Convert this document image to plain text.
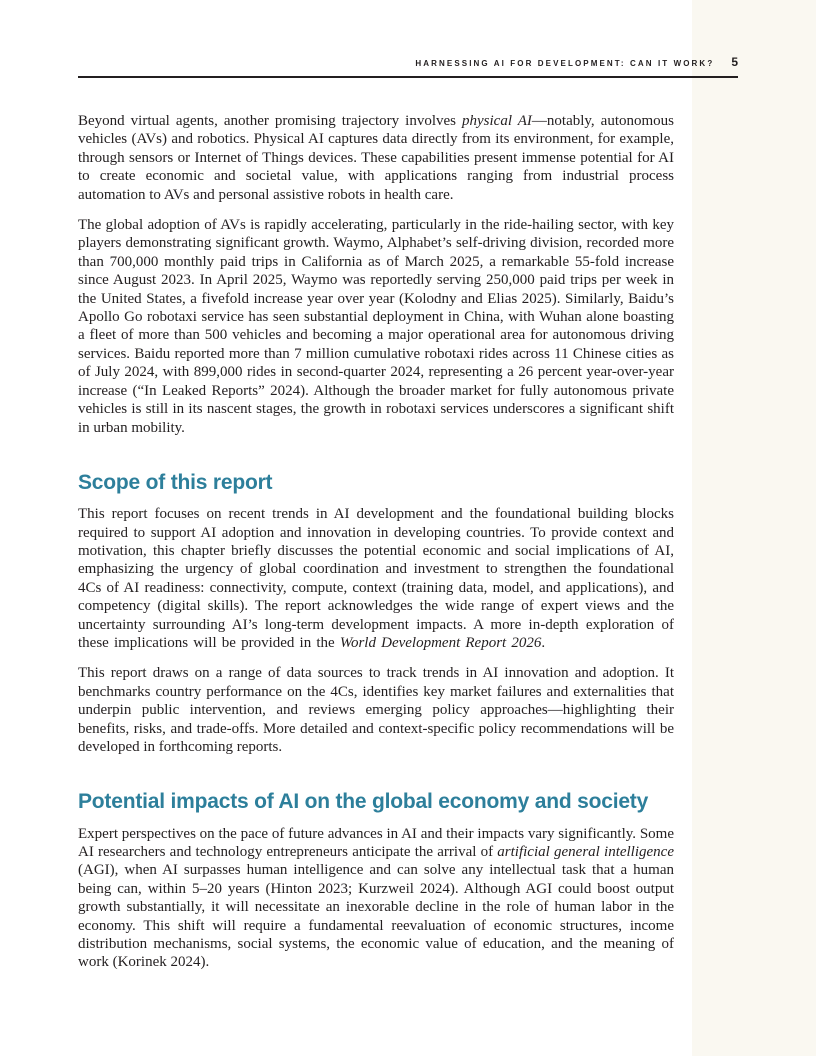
HARNESSING AI FOR DEVELOPMENT: CAN IT WORK? 5

Beyond virtual agents, another promising trajectory involves physical AI—notably, autonomous vehicles (AVs) and robotics. Physical AI captures data directly from its environment, for example, through sensors or Internet of Things devices. These capabilities present immense potential for AI to create economic and societal value, with applications ranging from industrial process automation to AVs and personal assistive robots in health care.

The global adoption of AVs is rapidly accelerating, particularly in the ride-hailing sector, with key players demonstrating significant growth. Waymo, Alphabet’s self-driving division, recorded more than 700,000 monthly paid trips in California as of March 2025, a remarkable 55-fold increase since August 2023. In April 2025, Waymo was reportedly serving 250,000 paid trips per week in the United States, a fivefold increase year over year (Kolodny and Elias 2025). Similarly, Baidu’s Apollo Go robotaxi service has seen substantial deployment in China, with Wuhan alone boasting a fleet of more than 500 vehicles and becoming a major operational area for autonomous driving services. Baidu reported more than 7 million cumulative robotaxi rides across 11 Chinese cities as of July 2024, with 899,000 rides in second-quarter 2024, representing a 26 percent year-over-year increase (“In Leaked Reports” 2024). Although the broader market for fully autonomous private vehicles is still in its nascent stages, the growth in robotaxi services underscores a significant shift in urban mobility.

Scope of this report

This report focuses on recent trends in AI development and the foundational building blocks required to support AI adoption and innovation in developing countries. To provide context and motivation, this chapter briefly discusses the potential economic and social implications of AI, emphasizing the urgency of global coordination and investment to strengthen the foundational 4Cs of AI readiness: connectivity, compute, context (training data, model, and applications), and competency (digital skills). The report acknowledges the wide range of expert views and the uncertainty surrounding AI’s long-term development impacts. A more in-depth exploration of these implications will be provided in the World Development Report 2026.

This report draws on a range of data sources to track trends in AI innovation and adoption. It benchmarks country performance on the 4Cs, identifies key market failures and externalities that underpin public intervention, and reviews emerging policy approaches—highlighting their benefits, risks, and trade-offs. More detailed and context-specific policy recommendations will be developed in forthcoming reports.

Potential impacts of AI on the global economy and society

Expert perspectives on the pace of future advances in AI and their impacts vary significantly. Some AI researchers and technology entrepreneurs anticipate the arrival of artificial general intelligence (AGI), when AI surpasses human intelligence and can solve any intellectual task that a human being can, within 5–20 years (Hinton 2023; Kurzweil 2024). Although AGI could boost output growth substantially, it will necessitate an inexorable decline in the role of human labor in the economy. This shift will require a fundamental reevaluation of economic structures, income distribution mechanisms, social systems, the economic value of education, and the meaning of work (Korinek 2024).
